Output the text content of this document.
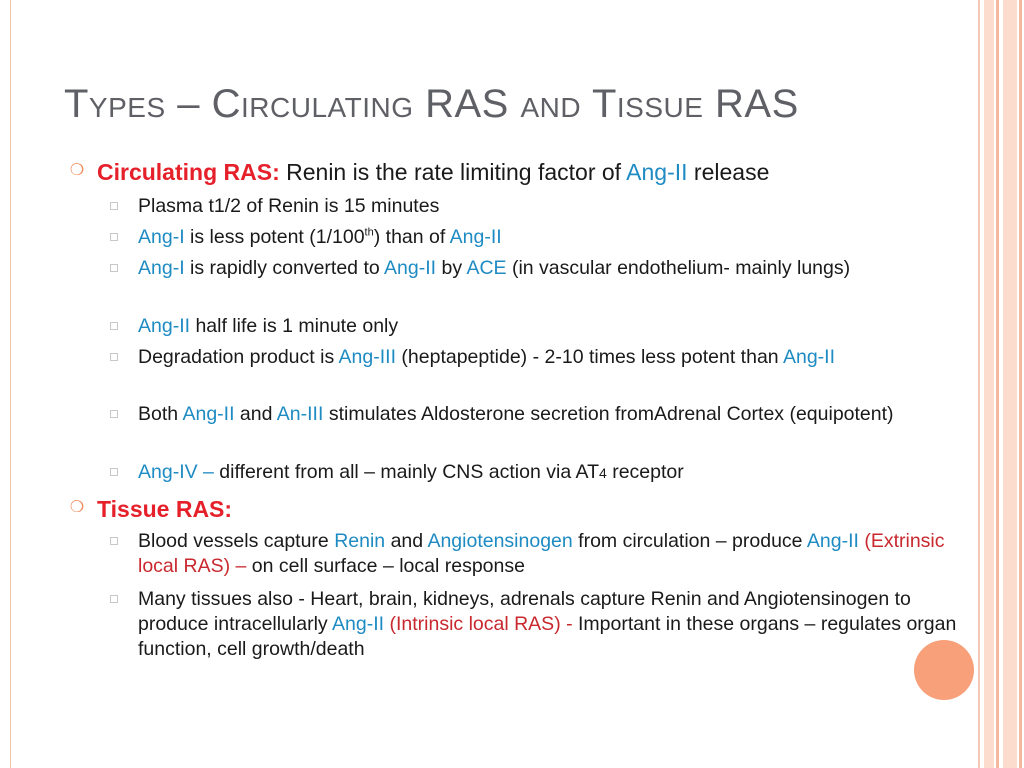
Types – Circulating RAS and Tissue RAS
❍ Circulating RAS: Renin is the rate limiting factor of Ang-II release
Plasma t1/2 of Renin is 15 minutes
Ang-I is less potent (1/100th) than of Ang-II
Ang-I is rapidly converted to Ang-II by ACE (in vascular endothelium- mainly lungs)
Ang-II half life is 1 minute only
Degradation product is Ang-III (heptapeptide) - 2-10 times less potent than Ang-II
Both Ang-II and An-III stimulates Aldosterone secretion fromAdrenal Cortex (equipotent)
Ang-IV – different from all – mainly CNS action via AT4 receptor
❍ Tissue RAS:
Blood vessels capture Renin and Angiotensinogen from circulation – produce Ang-II (Extrinsic local RAS) – on cell surface – local response
Many tissues also - Heart, brain, kidneys, adrenals capture Renin and Angiotensinogen to produce intracellularly Ang-II (Intrinsic local RAS) - Important in these organs – regulates organ function, cell growth/death
